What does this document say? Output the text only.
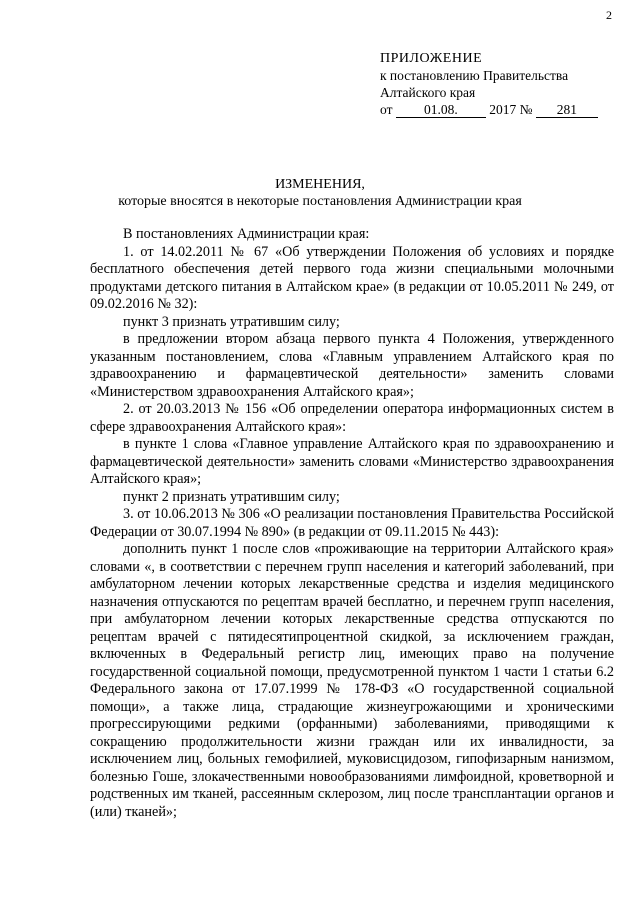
2
ПРИЛОЖЕНИЕ
к постановлению Правительства
Алтайского края
от 01.08. 2017 № 281
ИЗМЕНЕНИЯ,
которые вносятся в некоторые постановления Администрации края

В постановлениях Администрации края:

1. от 14.02.2011 № 67 «Об утверждении Положения об условиях и порядке бесплатного обеспечения детей первого года жизни специальными молочными продуктами детского питания в Алтайском крае» (в редакции от 10.05.2011 № 249, от 09.02.2016 № 32):

пункт 3 признать утратившим силу;

в предложении втором абзаца первого пункта 4 Положения, утвержденного указанным постановлением, слова «Главным управлением Алтайского края по здравоохранению и фармацевтической деятельности» заменить словами «Министерством здравоохранения Алтайского края»;

2. от 20.03.2013 № 156 «Об определении оператора информационных систем в сфере здравоохранения Алтайского края»:

в пункте 1 слова «Главное управление Алтайского края по здравоохранению и фармацевтической деятельности» заменить словами «Министерство здравоохранения Алтайского края»;

пункт 2 признать утратившим силу;

3. от 10.06.2013 № 306 «О реализации постановления Правительства Российской Федерации от 30.07.1994 № 890» (в редакции от 09.11.2015 № 443):

дополнить пункт 1 после слов «проживающие на территории Алтайского края» словами «, в соответствии с перечнем групп населения и категорий заболеваний, при амбулаторном лечении которых лекарственные средства и изделия медицинского назначения отпускаются по рецептам врачей бесплатно, и перечнем групп населения, при амбулаторном лечении которых лекарственные средства отпускаются по рецептам врачей с пятидесятипроцентной скидкой, за исключением граждан, включенных в Федеральный регистр лиц, имеющих право на получение государственной социальной помощи, предусмотренной пунктом 1 части 1 статьи 6.2 Федерального закона от 17.07.1999 № 178-ФЗ «О государственной социальной помощи», а также лица, страдающие жизнеугрожающими и хроническими прогрессирующими редкими (орфанными) заболеваниями, приводящими к сокращению продолжительности жизни граждан или их инвалидности, за исключением лиц, больных гемофилией, муковисцидозом, гипофизарным нанизмом, болезнью Гоше, злокачественными новообразованиями лимфоидной, кроветворной и родственных им тканей, рассеянным склерозом, лиц после трансплантации органов и (или) тканей»;
